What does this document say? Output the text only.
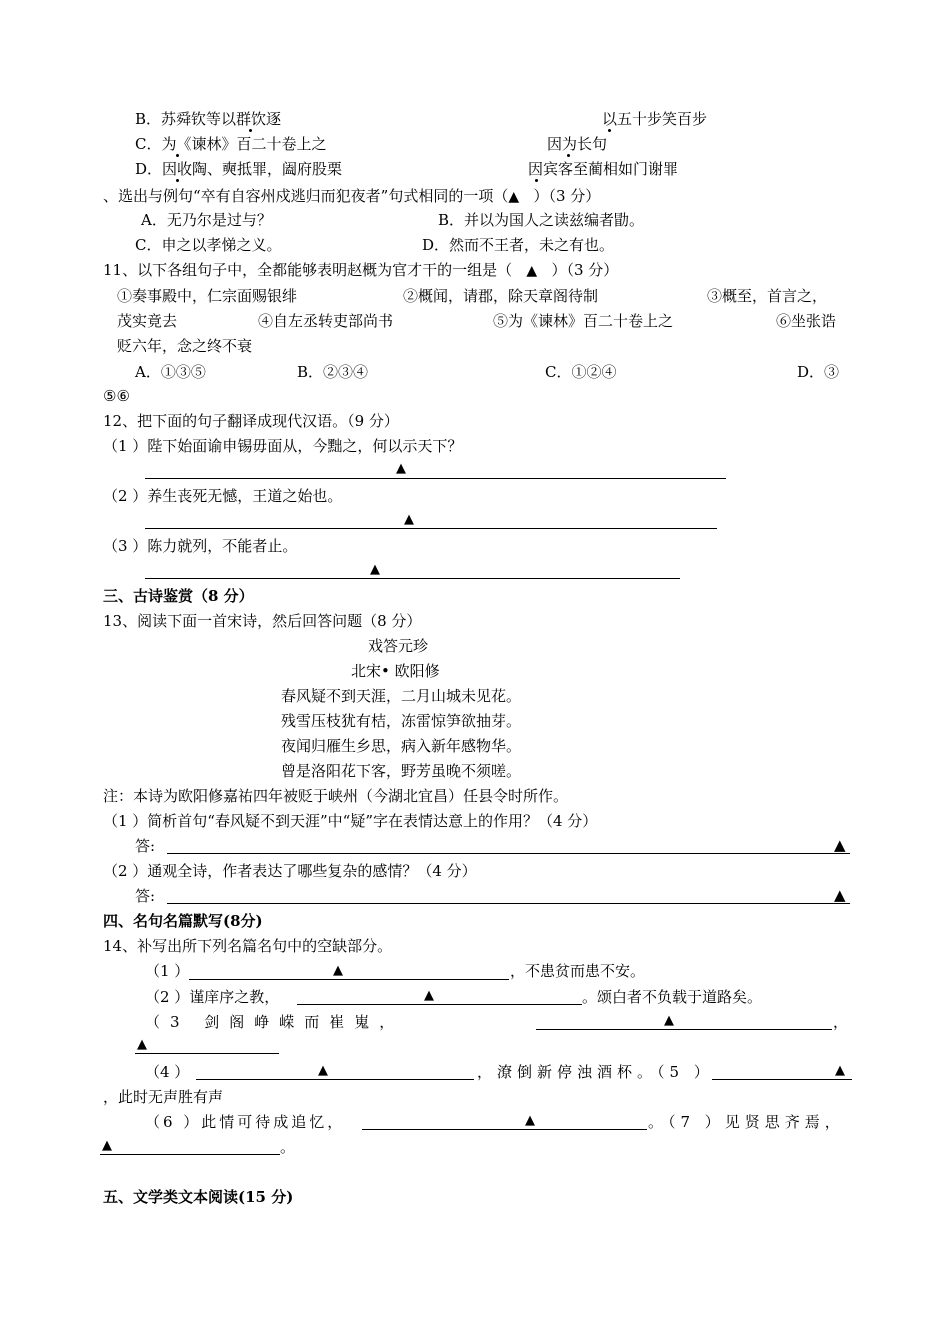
B．苏舜钦等以群饮逐	以五十步笑百步
C．为《谏林》百二十卷上之	因为长句
D．因收陶、奭抵罪，阖府股栗	因宾客至蔺相如门谢罪
、选出与例句“卒有自容州戍逃归而犯夜者”句式相同的一项（▲ ）（3 分）
A．无乃尔是过与？	B．并以为国人之读兹编者勖。
C．申之以孝悌之义。	D．然而不王者，未之有也。
11、以下各组句子中，全都能够表明赵概为官才干的一组是（ ▲ ）（3 分）
①奏事殿中，仁宗面赐银绯	②概闻，请郡，除天章阁待制	③概至，首言之，
茂实竟去	④自左丞转吏部尚书	⑤为《谏林》百二十卷上之	⑥坐张诰
贬六年，念之终不衰
A．①③⑤	B．②③④	C．①②④	D．③
⑤⑥
12、把下面的句子翻译成现代汉语。（9 分）
（1 ）陛下始面谕申锡毋面从，今黜之，何以示天下？
▲
（2 ）养生丧死无憾，王道之始也。
▲
（3 ）陈力就列，不能者止。
▲
三、古诗鉴赏（8 分）
13、阅读下面一首宋诗，然后回答问题（8 分）
戏答元珍
北宋• 欧阳修
春风疑不到天涯，二月山城未见花。
残雪压枝犹有桔，冻雷惊笋欲抽芽。
夜闻归雁生乡思，病入新年感物华。
曾是洛阳花下客，野芳虽晚不须嗟。
注：本诗为欧阳修嘉祐四年被贬于峡州（今湖北宜昌）任县令时所作。
（1 ）简析首句“春风疑不到天涯”中“疑”字在表情达意上的作用？（4 分）
答:	▲
（2 ）通观全诗，作者表达了哪些复杂的感情？（4 分）
答:	▲
四、名句名篇默写(8分)
14、补写出所下列名篇名句中的空缺部分。
（1 ）	▲	，不患贫而患不安。
（2 ）谨庠序之教，	▲	。颂白者不负载于道路矣。
（3 剑阁峥嵘而崔嵬，	▲	，
▲
（4 ）	▲	，潦倒新停浊酒杯。（5 ）	▲
，此时无声胜有声
（6 ）此情可待成追忆，	▲	。（7 ）见贤思齐焉，
▲	。
五、文学类文本阅读(15 分)
